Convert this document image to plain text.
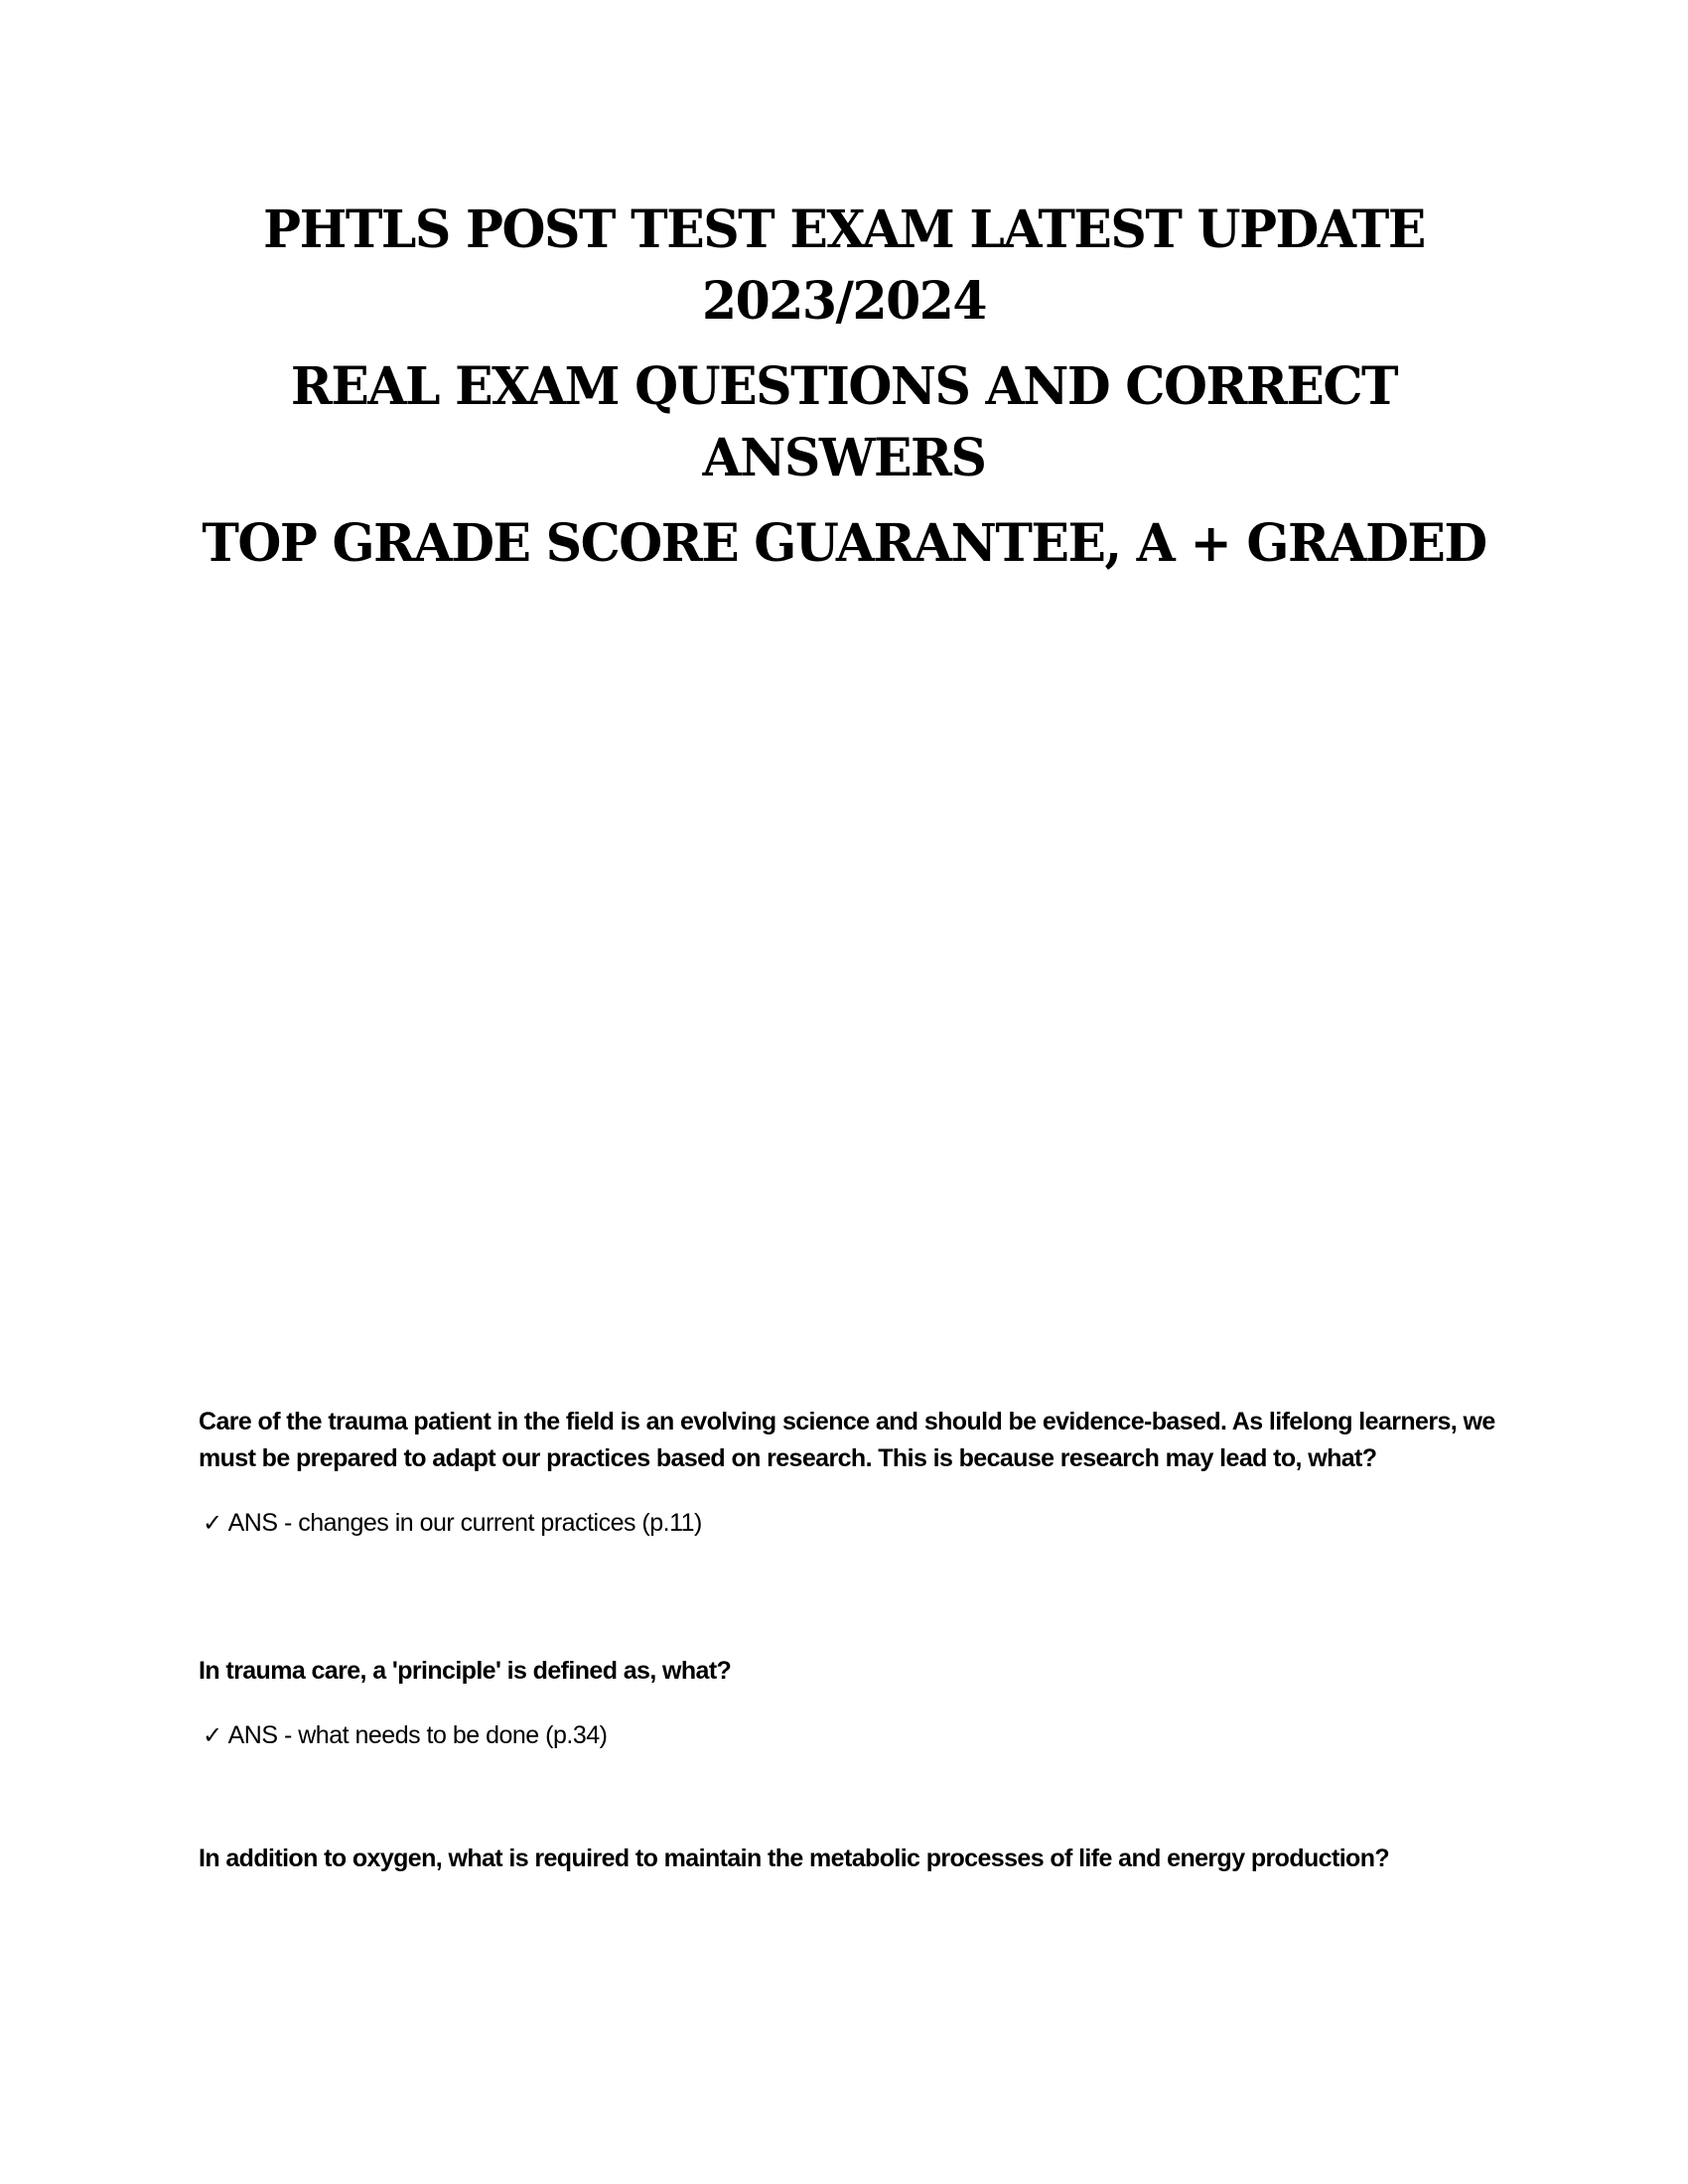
PHTLS POST TEST EXAM LATEST UPDATE 2023/2024

REAL EXAM QUESTIONS AND CORRECT ANSWERS

TOP GRADE SCORE GUARANTEE, A + GRADED

Care of the trauma patient in the field is an evolving science and should be evidence-based. As lifelong learners, we must be prepared to adapt our practices based on research. This is because research may lead to, what?

✓ ANS - changes in our current practices (p.11)

In trauma care, a 'principle' is defined as, what?

✓ ANS - what needs to be done (p.34)

In addition to oxygen, what is required to maintain the metabolic processes of life and energy production?
